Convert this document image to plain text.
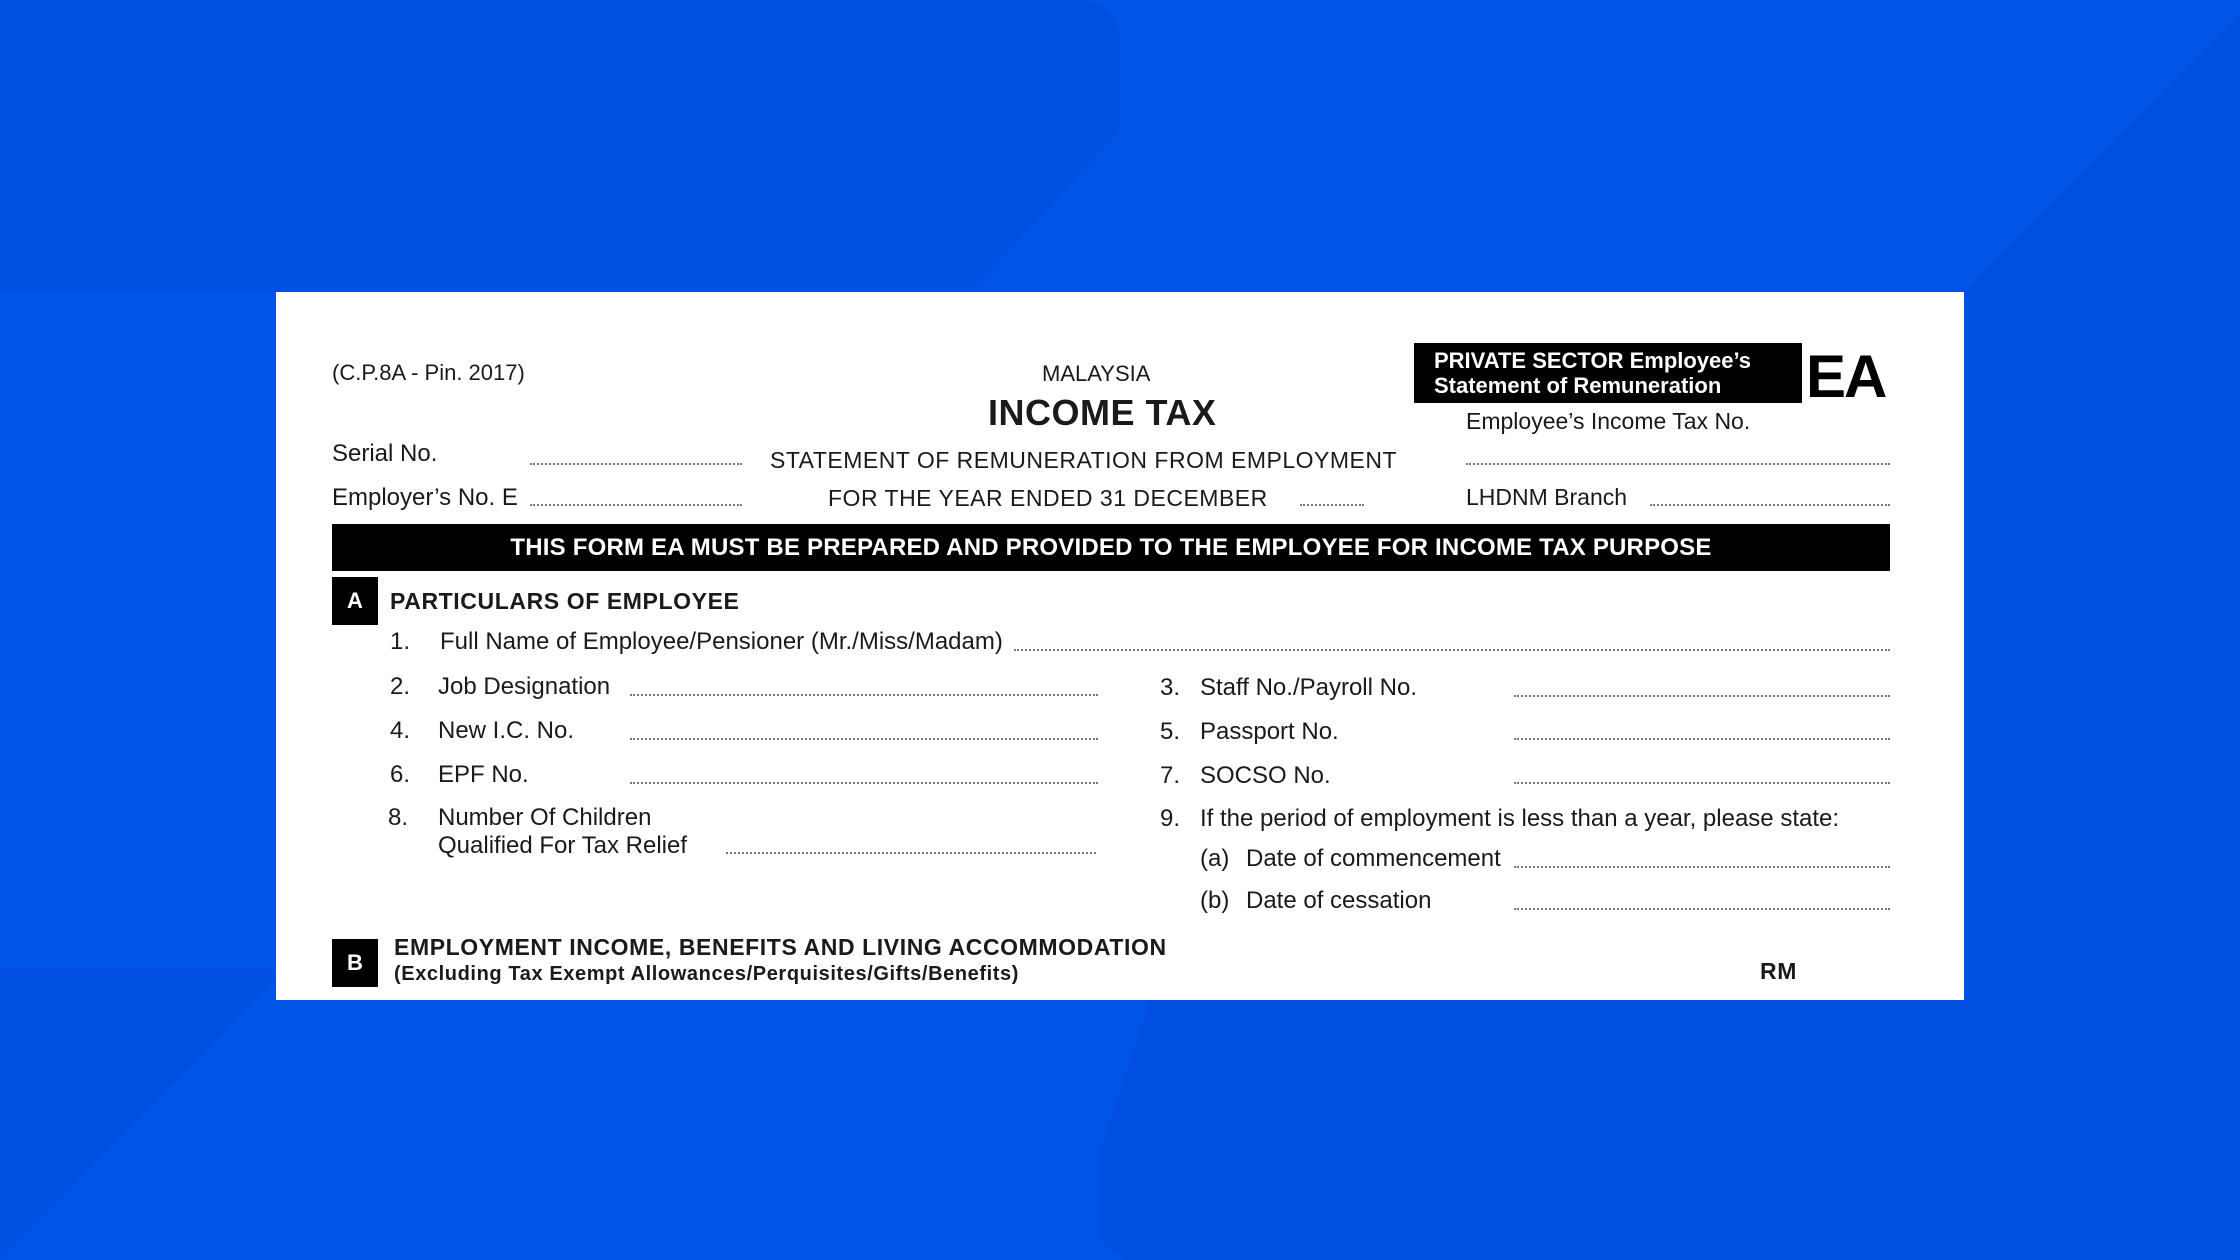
(C.P.8A - Pin. 2017)	MALAYSIA
INCOME TAX
STATEMENT OF REMUNERATION FROM EMPLOYMENT
FOR THE YEAR ENDED 31 DECEMBER
PRIVATE SECTOR Employee’s
Statement of Remuneration	EA
Serial No.
Employer’s No. E
Employee’s Income Tax No.
LHDNM Branch
THIS FORM EA MUST BE PREPARED AND PROVIDED TO THE EMPLOYEE FOR INCOME TAX PURPOSE
A	PARTICULARS OF EMPLOYEE
1. Full Name of Employee/Pensioner (Mr./Miss/Madam)
2. Job Designation	3. Staff No./Payroll No.
4. New I.C. No.	5. Passport No.
6. EPF No.	7. SOCSO No.
8. Number Of Children
Qualified For Tax Relief
9. If the period of employment is less than a year, please state:
(a) Date of commencement
(b) Date of cessation
B
EMPLOYMENT INCOME, BENEFITS AND LIVING ACCOMMODATION
(Excluding Tax Exempt Allowances/Perquisites/Gifts/Benefits)	RM
